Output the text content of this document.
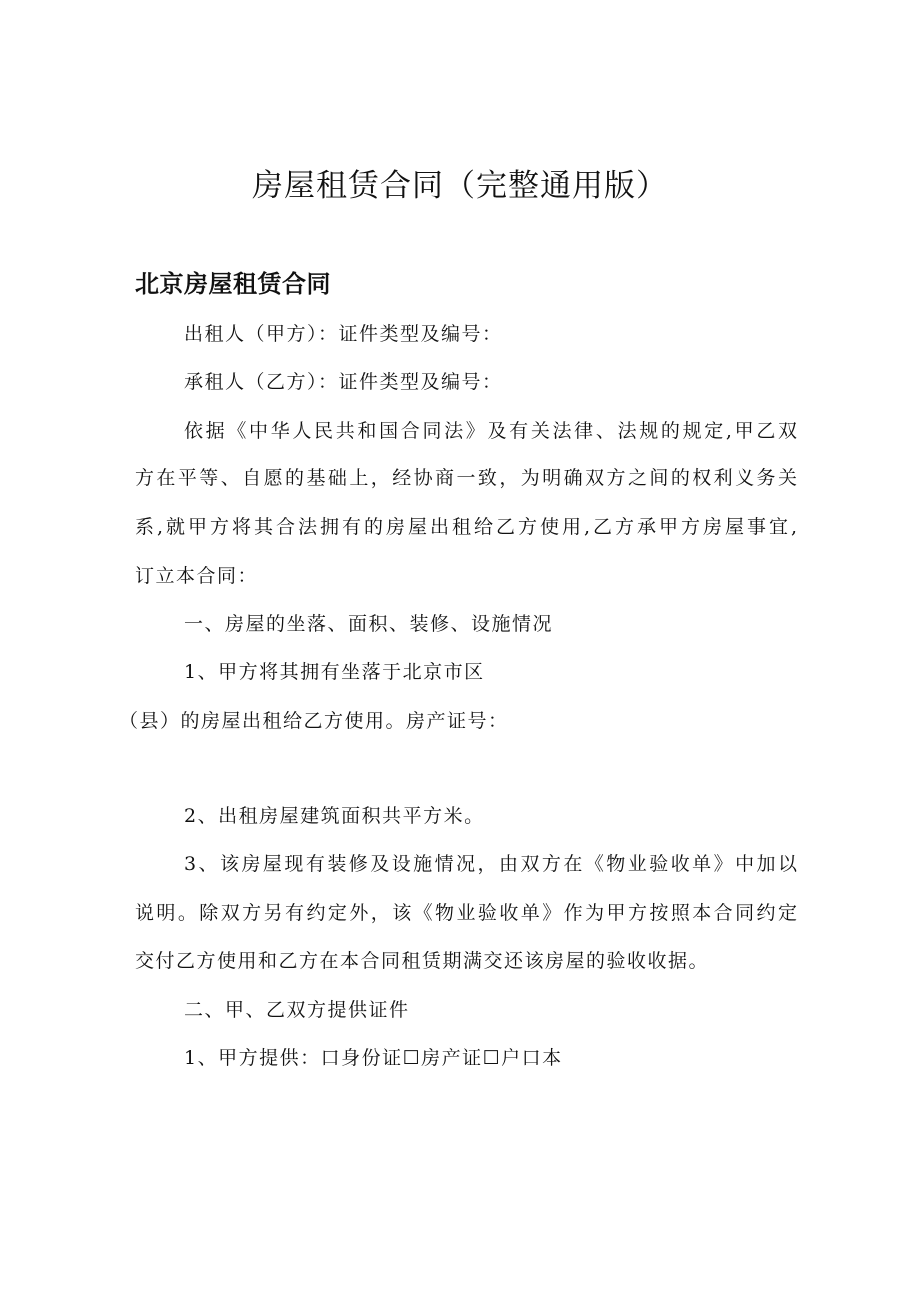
房屋租赁合同（完整通用版）
北京房屋租赁合同
出租人（甲方）：证件类型及编号：
承租人（乙方）：证件类型及编号：
依据《中华人民共和国合同法》及有关法律、法规的规定,甲乙双
方在平等、自愿的基础上，经协商一致，为明确双方之间的权利义务关
系,就甲方将其合法拥有的房屋出租给乙方使用,乙方承甲方房屋事宜,
订立本合同：
一、房屋的坐落、面积、装修、设施情况
1、甲方将其拥有坐落于北京市区
（县）的房屋出租给乙方使用。房产证号：
2、出租房屋建筑面积共平方米。
3、该房屋现有装修及设施情况，由双方在《物业验收单》中加以
说明。除双方另有约定外，该《物业验收单》作为甲方按照本合同约定
交付乙方使用和乙方在本合同租赁期满交还该房屋的验收收据。
二、甲、乙双方提供证件
1、甲方提供：口身份证☐房产证☐户口本
